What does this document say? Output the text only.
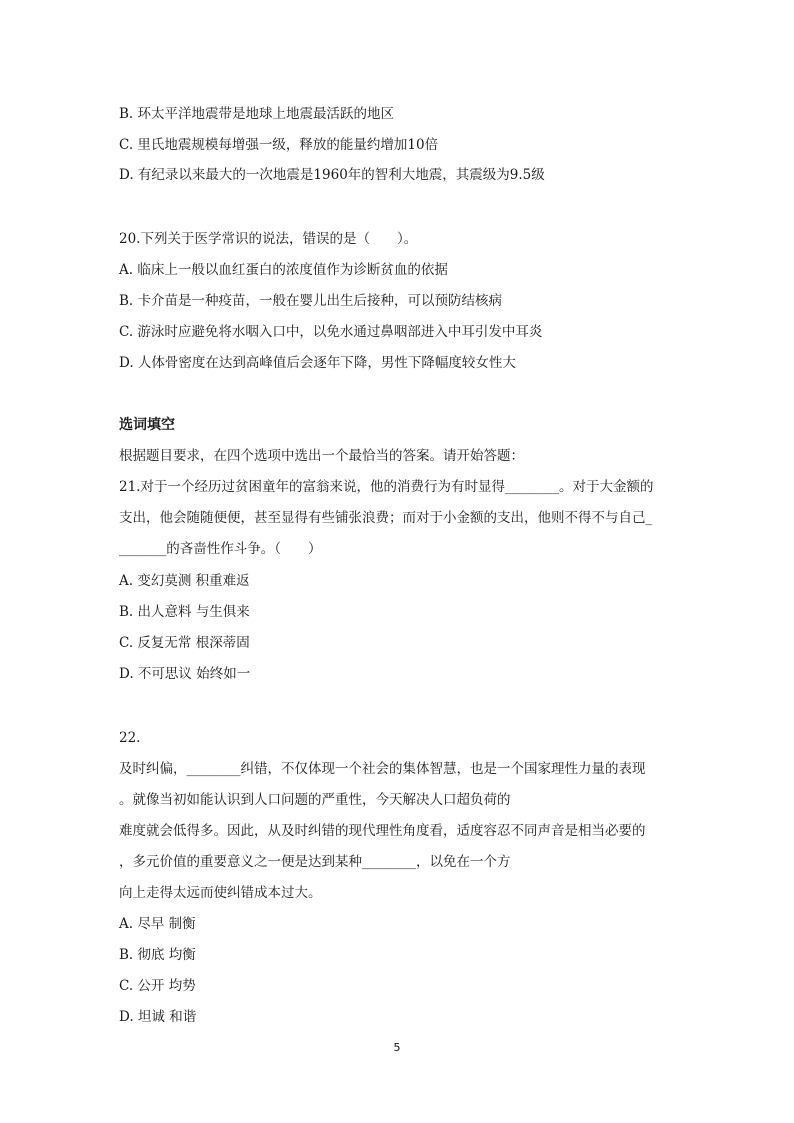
B. 环太平洋地震带是地球上地震最活跃的地区
C. 里氏地震规模每增强一级，释放的能量约增加10倍
D. 有纪录以来最大的一次地震是1960年的智利大地震，其震级为9.5级
20.下列关于医学常识的说法，错误的是（　　）。
A. 临床上一般以血红蛋白的浓度值作为诊断贫血的依据
B. 卡介苗是一种疫苗，一般在婴儿出生后接种，可以预防结核病
C. 游泳时应避免将水咽入口中，以免水通过鼻咽部进入中耳引发中耳炎
D. 人体骨密度在达到高峰值后会逐年下降，男性下降幅度较女性大
选词填空
根据题目要求，在四个选项中选出一个最恰当的答案。请开始答题：
21.对于一个经历过贫困童年的富翁来说，他的消费行为有时显得________。对于大金额的
支出，他会随随便便，甚至显得有些铺张浪费；而对于小金额的支出，他则不得不与自己_
_______的吝啬性作斗争。（　　）
A. 变幻莫测 积重难返
B. 出人意料 与生俱来
C. 反复无常 根深蒂固
D. 不可思议 始终如一
22.
及时纠偏，________纠错，不仅体现一个社会的集体智慧，也是一个国家理性力量的表现
。就像当初如能认识到人口问题的严重性，今天解决人口超负荷的
难度就会低得多。因此，从及时纠错的现代理性角度看，适度容忍不同声音是相当必要的
，多元价值的重要意义之一便是达到某种________，以免在一个方
向上走得太远而使纠错成本过大。
A. 尽早 制衡
B. 彻底 均衡
C. 公开 均势
D. 坦诚 和谐
5
